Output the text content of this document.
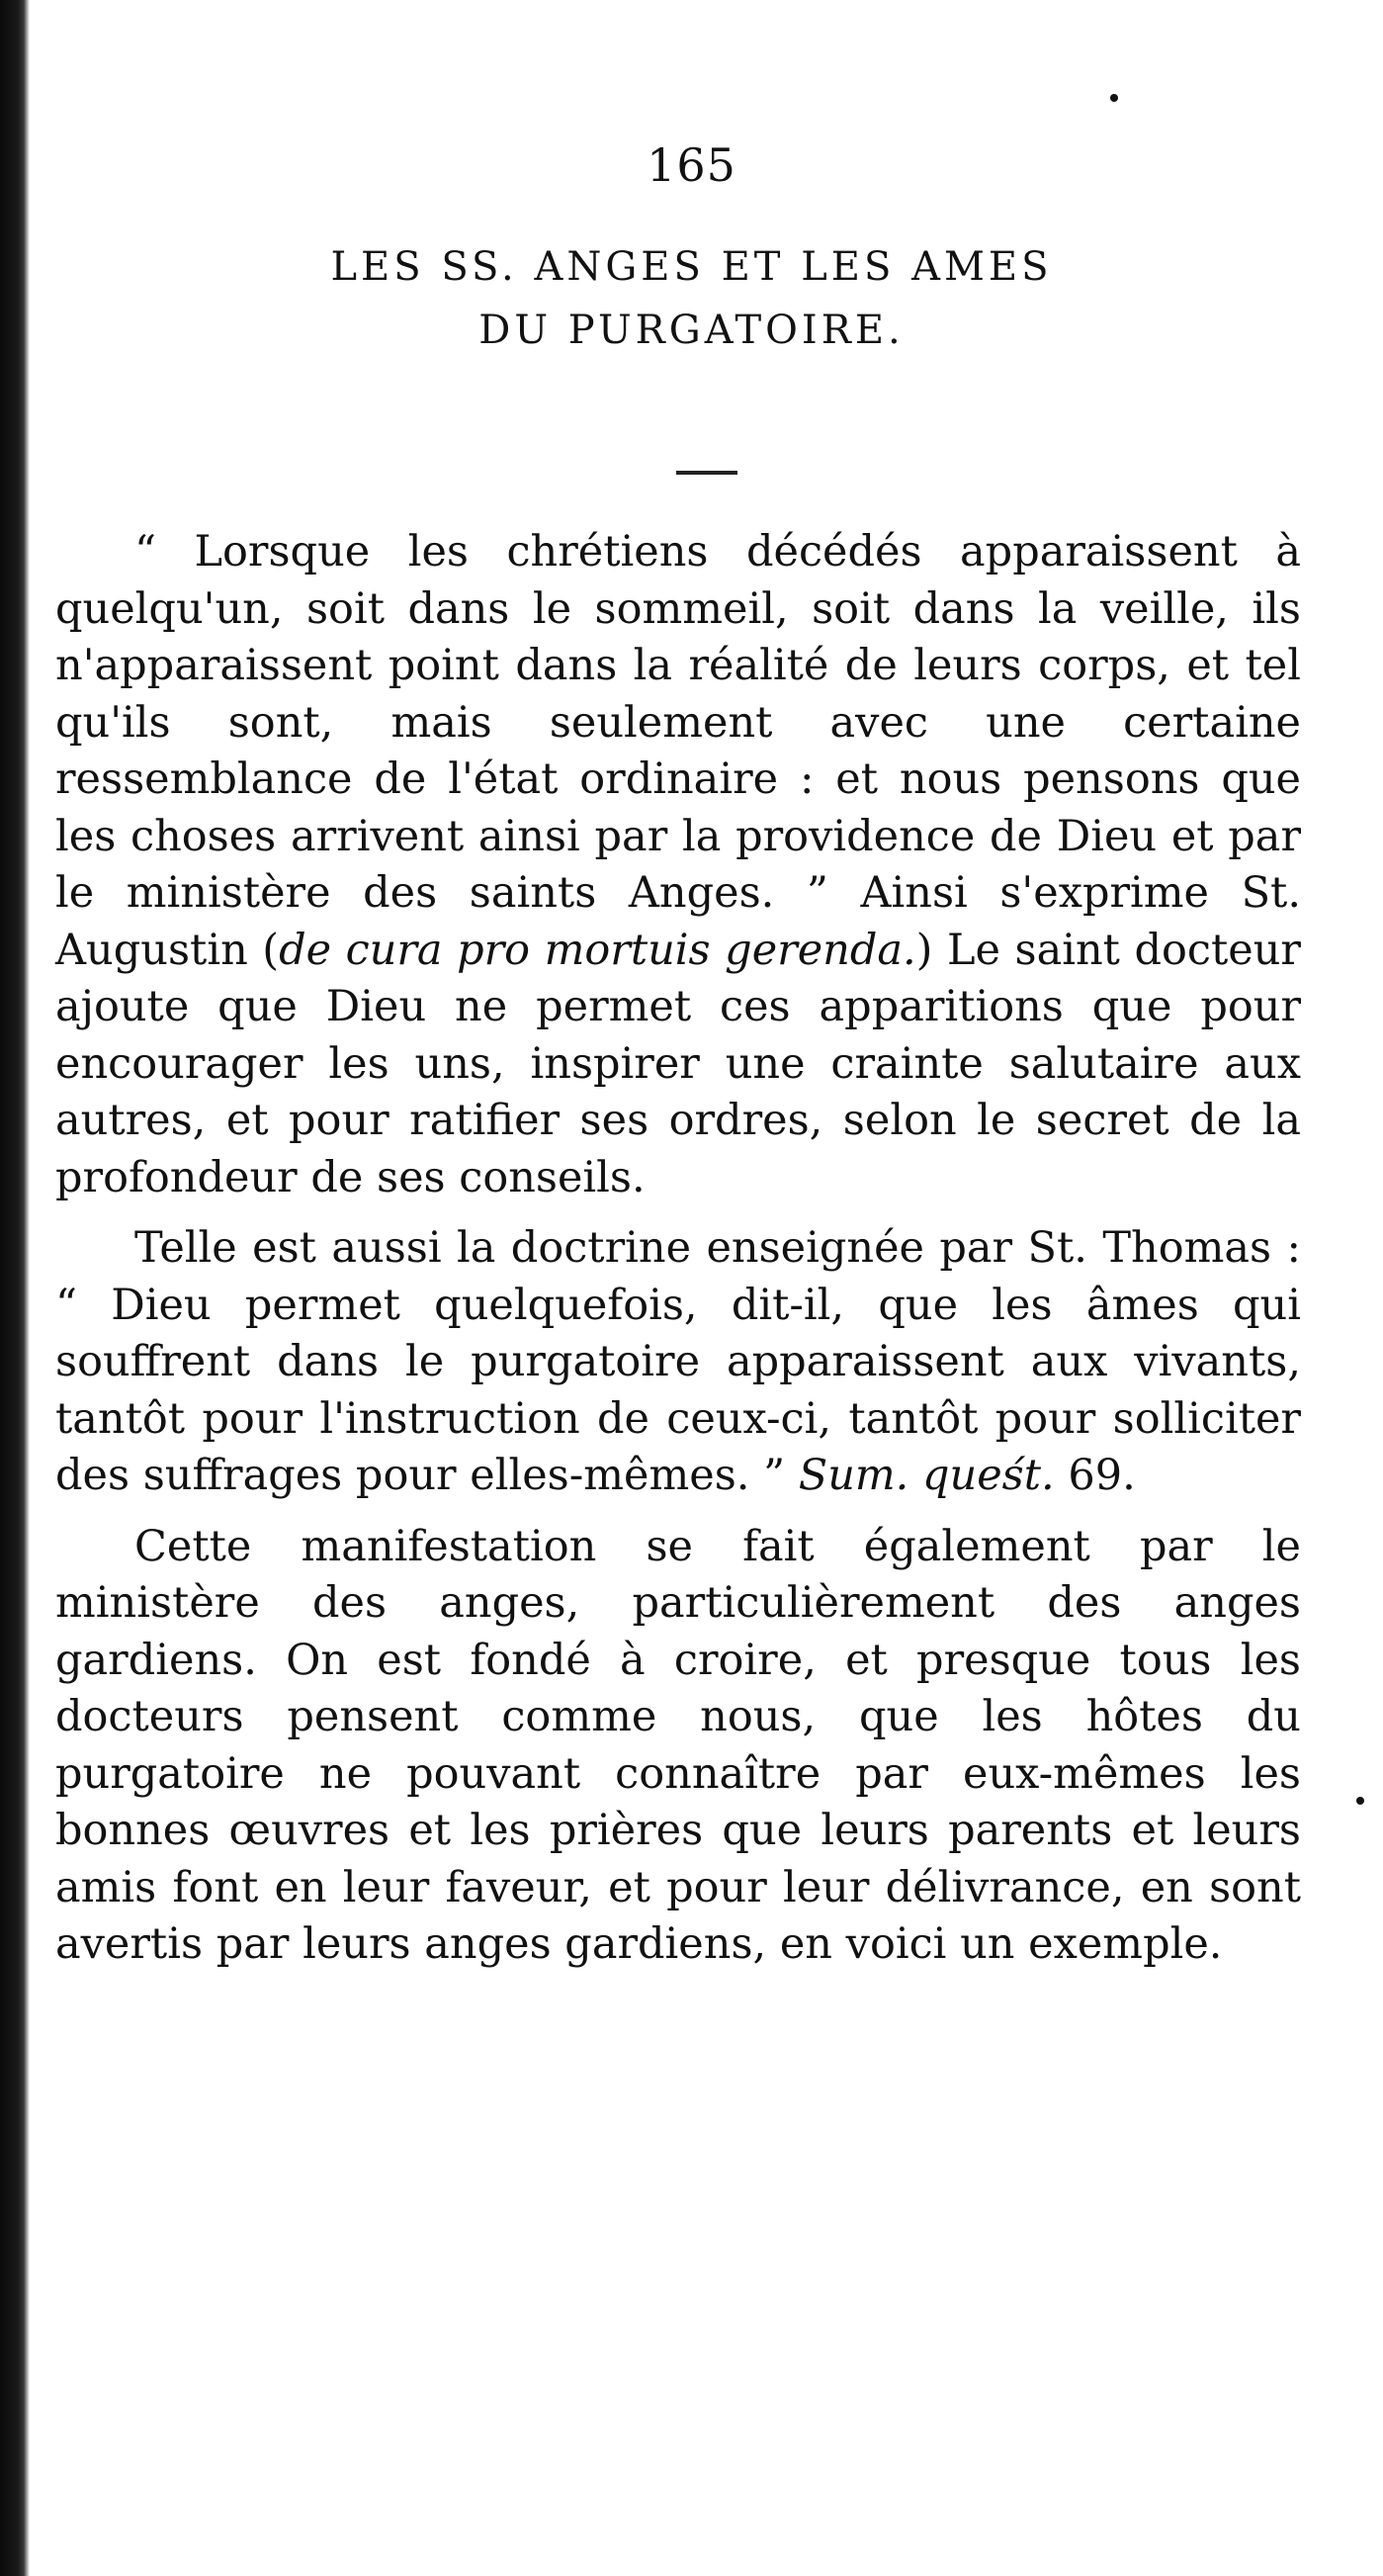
165
LES SS. ANGES ET LES AMES
DU PURGATOIRE.

“ Lorsque les chrétiens décédés apparaissent à quelqu'un, soit dans le sommeil, soit dans la veille, ils n'apparaissent point dans la réalité de leurs corps, et tel qu'ils sont, mais seulement avec une certaine ressemblance de l'état ordinaire : et nous pensons que les choses arrivent ainsi par la providence de Dieu et par le ministère des saints Anges. ” Ainsi s'exprime St. Augustin (de cura pro mortuis gerenda.) Le saint docteur ajoute que Dieu ne permet ces apparitions que pour encourager les uns, inspirer une crainte salutaire aux autres, et pour ratifier ses ordres, selon le secret de la profondeur de ses conseils.

Telle est aussi la doctrine enseignée par St. Thomas : “ Dieu permet quelquefois, dit-il, que les âmes qui souffrent dans le purgatoire apparaissent aux vivants, tantôt pour l'instruction de ceux-ci, tantôt pour solliciter des suffrages pour elles-mêmes. ” Sum. queśt. 69.

Cette manifestation se fait également par le ministère des anges, particulièrement des anges gardiens. On est fondé à croire, et presque tous les docteurs pensent comme nous, que les hôtes du purgatoire ne pouvant connaître par eux-mêmes les bonnes œuvres et les prières que leurs parents et leurs amis font en leur faveur, et pour leur délivrance, en sont avertis par leurs anges gardiens, en voici un exemple.
